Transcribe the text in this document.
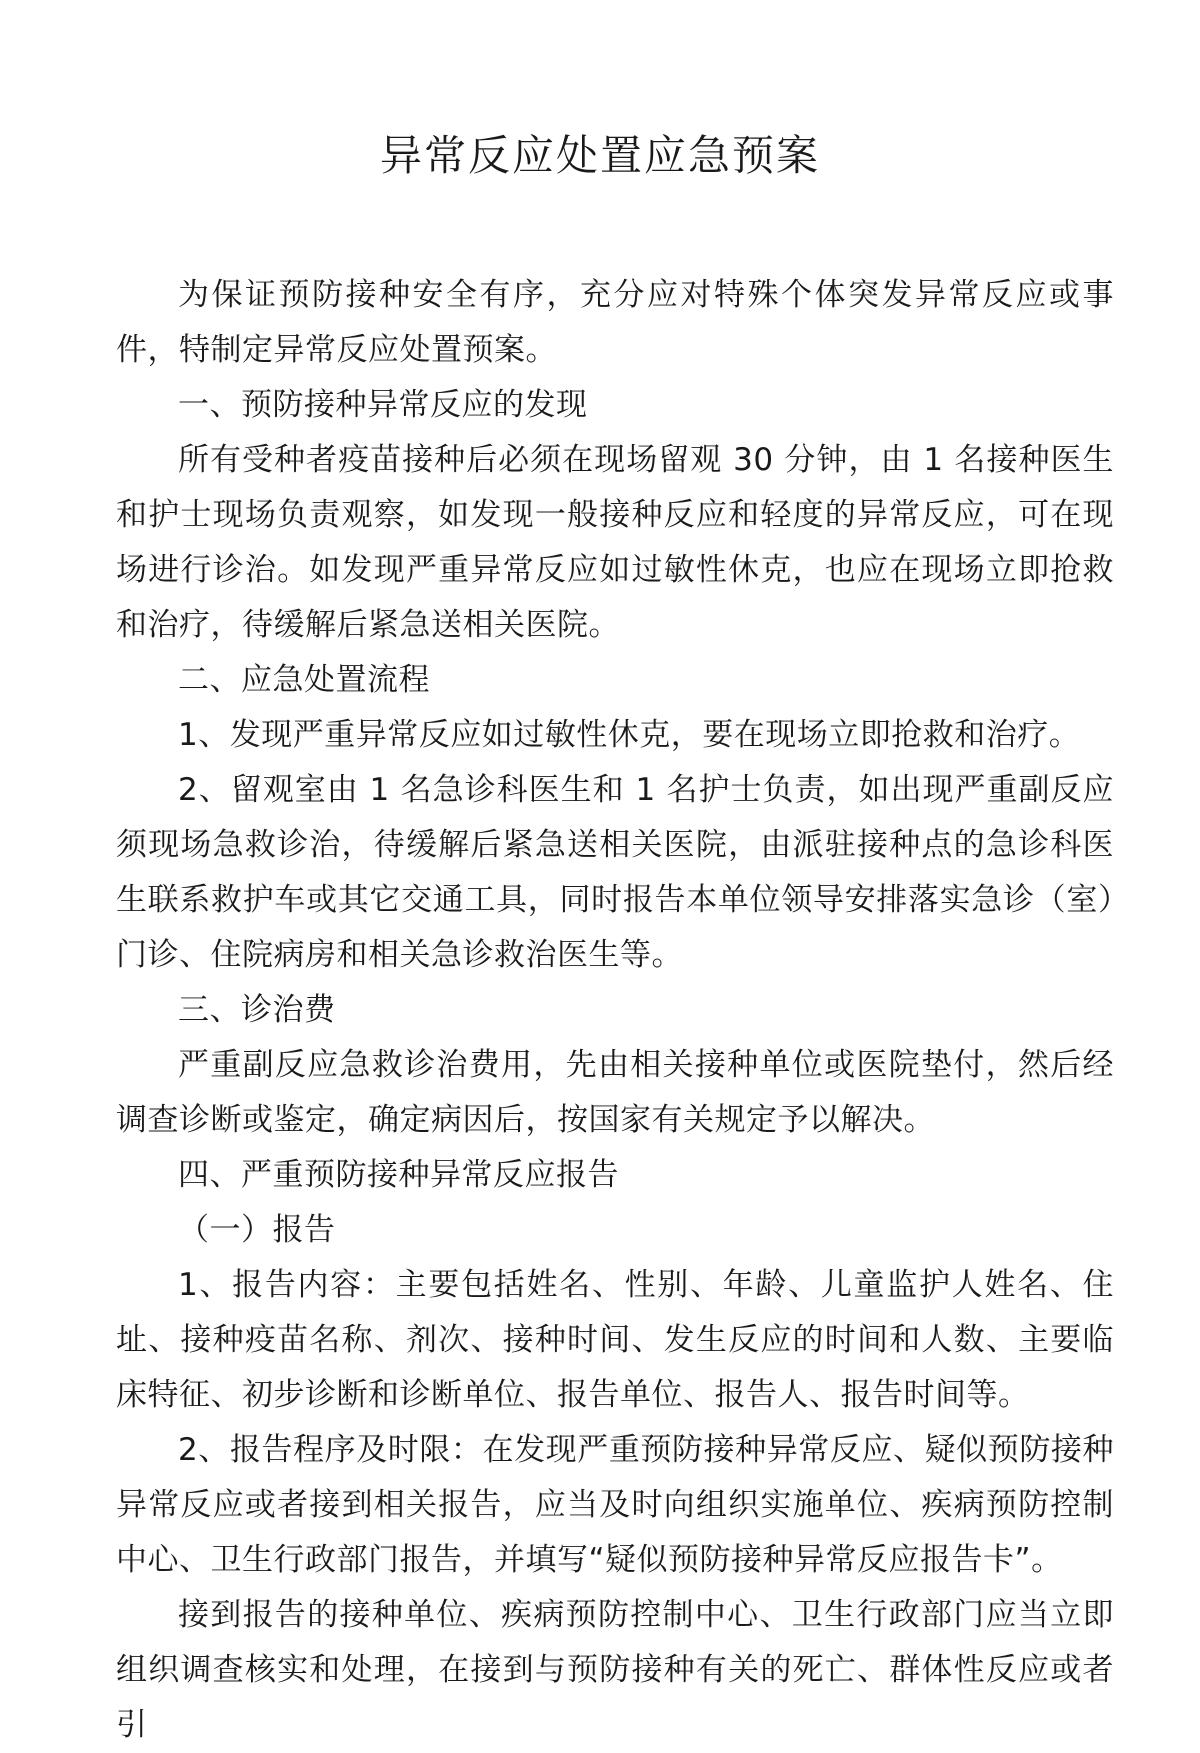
异常反应处置应急预案

为保证预防接种安全有序，充分应对特殊个体突发异常反应或事件，特制定异常反应处置预案。

一、预防接种异常反应的发现

所有受种者疫苗接种后必须在现场留观 30 分钟，由 1 名接种医生和护士现场负责观察，如发现一般接种反应和轻度的异常反应，可在现场进行诊治。如发现严重异常反应如过敏性休克，也应在现场立即抢救和治疗，待缓解后紧急送相关医院。

二、应急处置流程

1、发现严重异常反应如过敏性休克，要在现场立即抢救和治疗。

2、留观室由 1 名急诊科医生和 1 名护士负责，如出现严重副反应须现场急救诊治，待缓解后紧急送相关医院，由派驻接种点的急诊科医生联系救护车或其它交通工具，同时报告本单位领导安排落实急诊（室）门诊、住院病房和相关急诊救治医生等。

三、诊治费

严重副反应急救诊治费用，先由相关接种单位或医院垫付，然后经调查诊断或鉴定，确定病因后，按国家有关规定予以解决。

四、严重预防接种异常反应报告

（一）报告

1、报告内容：主要包括姓名、性别、年龄、儿童监护人姓名、住址、接种疫苗名称、剂次、接种时间、发生反应的时间和人数、主要临床特征、初步诊断和诊断单位、报告单位、报告人、报告时间等。

2、报告程序及时限：在发现严重预防接种异常反应、疑似预防接种异常反应或者接到相关报告，应当及时向组织实施单位、疾病预防控制中心、卫生行政部门报告，并填写“疑似预防接种异常反应报告卡”。

接到报告的接种单位、疾病预防控制中心、卫生行政部门应当立即组织调查核实和处理，在接到与预防接种有关的死亡、群体性反应或者引
